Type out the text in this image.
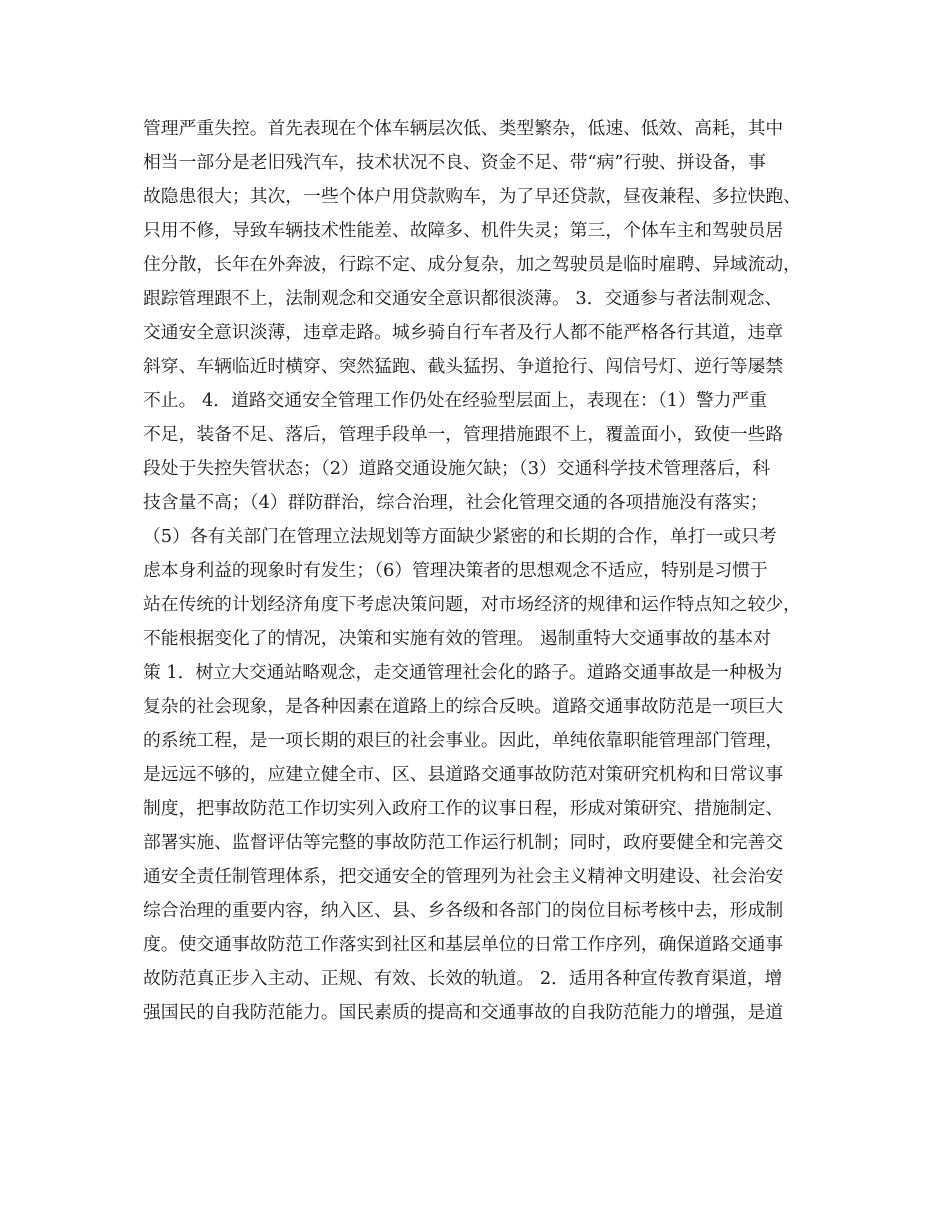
管理严重失控。首先表现在个体车辆层次低、类型繁杂，低速、低效、高耗，其中
相当一部分是老旧残汽车，技术状况不良、资金不足、带“病”行驶、拼设备，事
故隐患很大；其次，一些个体户用贷款购车，为了早还贷款，昼夜兼程、多拉快跑、
只用不修，导致车辆技术性能差、故障多、机件失灵；第三，个体车主和驾驶员居
住分散，长年在外奔波，行踪不定、成分复杂，加之驾驶员是临时雇聘、异域流动，
跟踪管理跟不上，法制观念和交通安全意识都很淡薄。 3．交通参与者法制观念、
交通安全意识淡薄，违章走路。城乡骑自行车者及行人都不能严格各行其道，违章
斜穿、车辆临近时横穿、突然猛跑、截头猛拐、争道抢行、闯信号灯、逆行等屡禁
不止。 4．道路交通安全管理工作仍处在经验型层面上，表现在：（1）警力严重
不足，装备不足、落后，管理手段单一，管理措施跟不上，覆盖面小，致使一些路
段处于失控失管状态；（2）道路交通设施欠缺；（3）交通科学技术管理落后，科
技含量不高；（4）群防群治，综合治理，社会化管理交通的各项措施没有落实；
（5）各有关部门在管理立法规划等方面缺少紧密的和长期的合作，单打一或只考
虑本身利益的现象时有发生；（6）管理决策者的思想观念不适应，特别是习惯于
站在传统的计划经济角度下考虑决策问题，对市场经济的规律和运作特点知之较少，
不能根据变化了的情况，决策和实施有效的管理。 遏制重特大交通事故的基本对
策 1．树立大交通站略观念，走交通管理社会化的路子。道路交通事故是一种极为
复杂的社会现象，是各种因素在道路上的综合反映。道路交通事故防范是一项巨大
的系统工程，是一项长期的艰巨的社会事业。因此，单纯依靠职能管理部门管理，
是远远不够的，应建立健全市、区、县道路交通事故防范对策研究机构和日常议事
制度，把事故防范工作切实列入政府工作的议事日程，形成对策研究、措施制定、
部署实施、监督评估等完整的事故防范工作运行机制；同时，政府要健全和完善交
通安全责任制管理体系，把交通安全的管理列为社会主义精神文明建设、社会治安
综合治理的重要内容，纳入区、县、乡各级和各部门的岗位目标考核中去，形成制
度。使交通事故防范工作落实到社区和基层单位的日常工作序列，确保道路交通事
故防范真正步入主动、正规、有效、长效的轨道。 2．适用各种宣传教育渠道，增
强国民的自我防范能力。国民素质的提高和交通事故的自我防范能力的增强，是道
